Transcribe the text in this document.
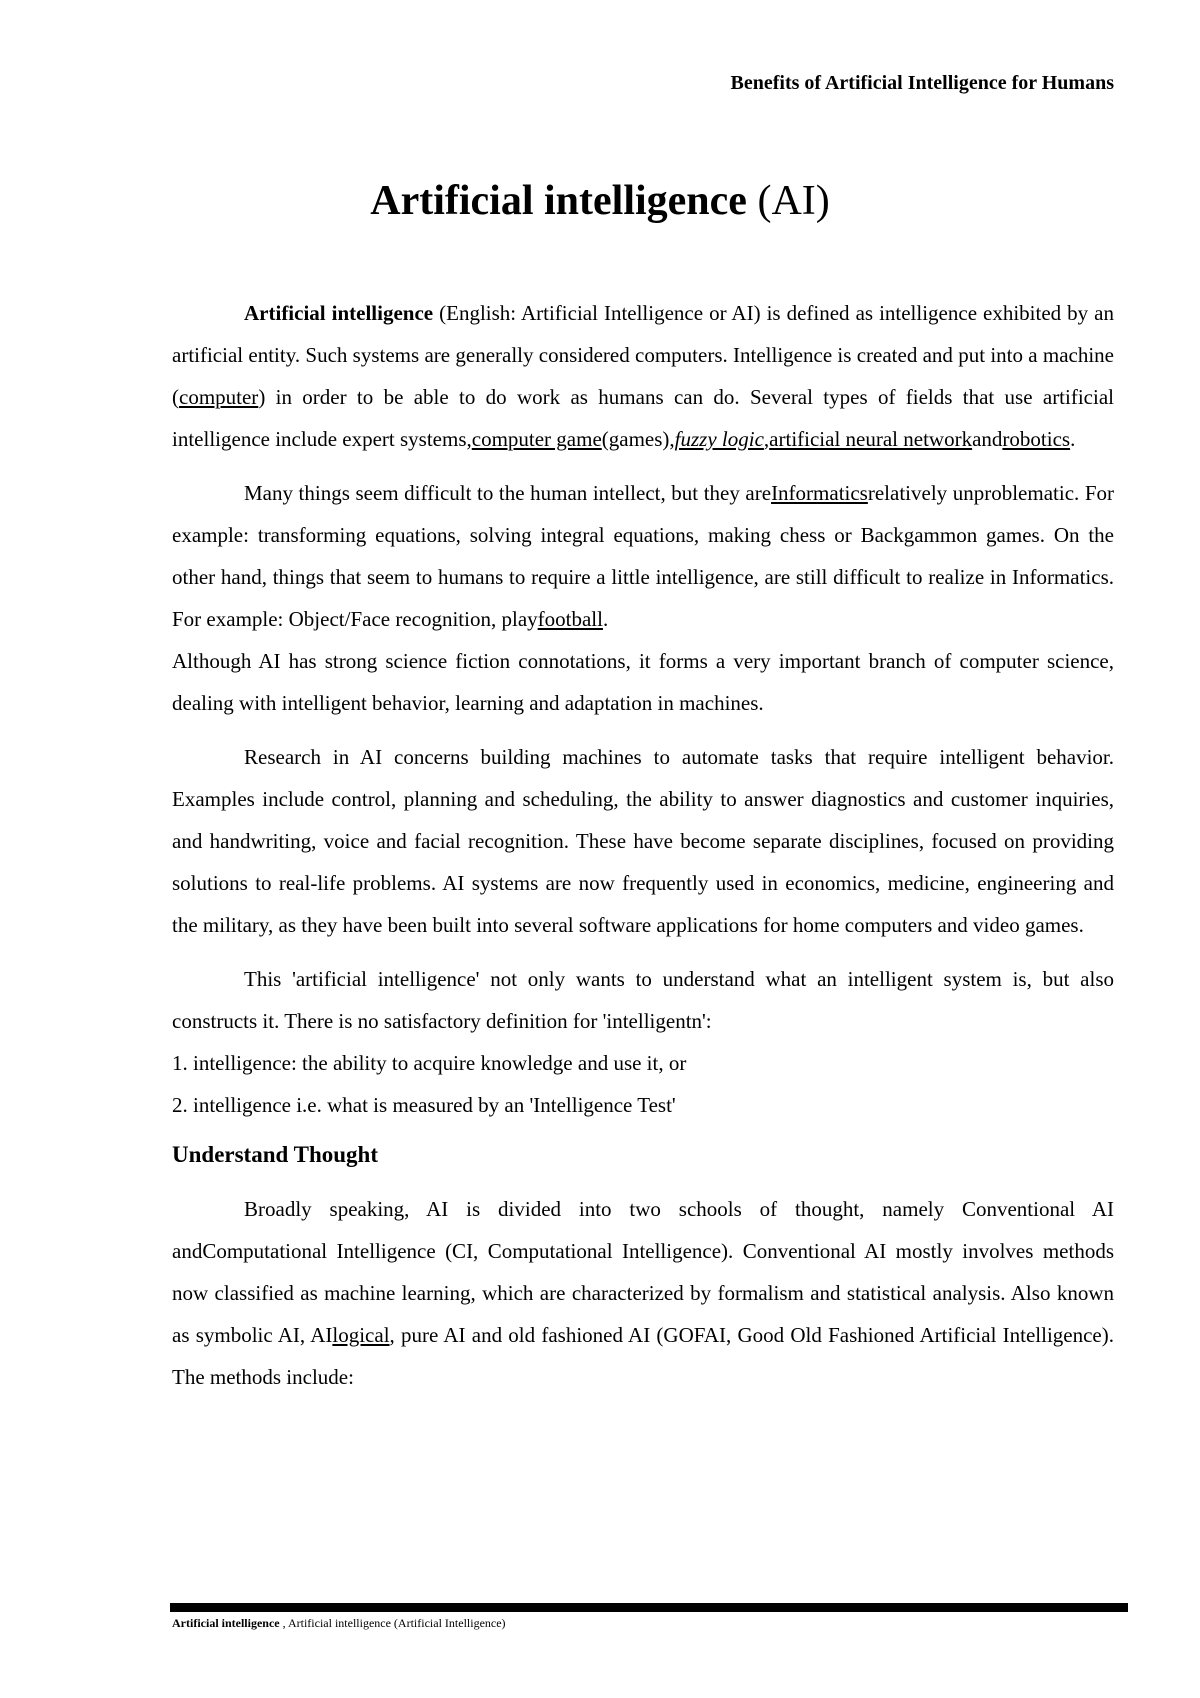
Benefits of Artificial Intelligence for Humans
Artificial intelligence (AI)

Artificial intelligence (English: Artificial Intelligence or AI) is defined as intelligence exhibited by an artificial entity. Such systems are generally considered computers. Intelligence is created and put into a machine (computer) in order to be able to do work as humans can do. Several types of fields that use artificial intelligence include expert systems,computer game(games),fuzzy logic,artificial neural networkandrobotics.

Many things seem difficult to the human intellect, but they areInformaticsrelatively unproblematic. For example: transforming equations, solving integral equations, making chess or Backgammon games. On the other hand, things that seem to humans to require a little intelligence, are still difficult to realize in Informatics. For example: Object/Face recognition, playfootball.

Although AI has strong science fiction connotations, it forms a very important branch of computer science, dealing with intelligent behavior, learning and adaptation in machines.

Research in AI concerns building machines to automate tasks that require intelligent behavior. Examples include control, planning and scheduling, the ability to answer diagnostics and customer inquiries, and handwriting, voice and facial recognition. These have become separate disciplines, focused on providing solutions to real-life problems. AI systems are now frequently used in economics, medicine, engineering and the military, as they have been built into several software applications for home computers and video games.

This 'artificial intelligence' not only wants to understand what an intelligent system is, but also constructs it. There is no satisfactory definition for 'intelligentn':

1. intelligence: the ability to acquire knowledge and use it, or

2. intelligence i.e. what is measured by an 'Intelligence Test'

Understand Thought

Broadly speaking, AI is divided into two schools of thought, namely Conventional AI andComputational Intelligence (CI, Computational Intelligence). Conventional AI mostly involves methods now classified as machine learning, which are characterized by formalism and statistical analysis. Also known as symbolic AI, AIlogical, pure AI and old fashioned AI (GOFAI, Good Old Fashioned Artificial Intelligence). The methods include:

Artificial intelligence , Artificial intelligence (Artificial Intelligence)
